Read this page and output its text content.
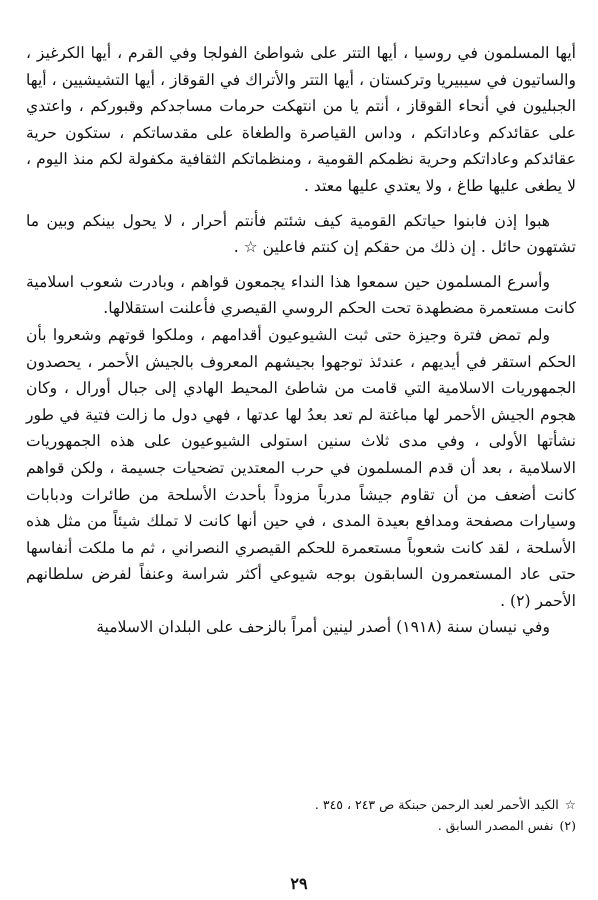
أيها المسلمون في روسيا ، أيها التتر على شواطئ الفولجا وفي القرم ، أيها الكرغيز ، والساتيون في سيبيريا وتركستان ، أيها التتر والأتراك في القوقاز ، أيها التشيشيين ، أيها الجبليون في أنحاء القوقاز ، أنتم يا من انتهكت حرمات مساجدكم وقبوركم ، واعتدي على عقائدكم وعاداتكم ، وداس القياصرة والطغاة على مقدساتكم ، ستكون حرية عقائدكم وعاداتكم وحرية نظمكم القومية ، ومنظماتكم الثقافية مكفولة لكم منذ اليوم ، لا يطغى عليها طاغ ، ولا يعتدي عليها معتد .

هبوا إذن فابنوا حياتكم القومية كيف شئتم فأنتم أحرار ، لا يحول بينكم وبين ما تشتهون حائل . إن ذلك من حقكم إن كنتم فاعلين ☆ .

وأسرع المسلمون حين سمعوا هذا النداء يجمعون قواهم ، وبادرت شعوب اسلامية كانت مستعمرة مضطهدة تحت الحكم الروسي القيصري فأعلنت استقلالها.

ولم تمض فترة وجيزة حتى ثبت الشيوعيون أقدامهم ، وملكوا قوتهم وشعروا بأن الحكم استقر في أيديهم ، عندئذ توجهوا بجيشهم المعروف بالجيش الأحمر ، يحصدون الجمهوريات الاسلامية التي قامت من شاطئ المحيط الهادي إلى جبال أورال ، وكان هجوم الجيش الأحمر لها مباغتة لم تعد بعدُ لها عدتها ، فهي دول ما زالت فتية في طور نشأتها الأولى ، وفي مدى ثلاث سنين استولى الشيوعيون على هذه الجمهوريات الاسلامية ، بعد أن قدم المسلمون في حرب المعتدين تضحيات جسيمة ، ولكن قواهم كانت أضعف من أن تقاوم جيشاً مدرباً مزوداً بأحدث الأسلحة من طائرات ودبابات وسيارات مصفحة ومدافع بعيدة المدى ، في حين أنها كانت لا تملك شيئاً من مثل هذه الأسلحة ، لقد كانت شعوباً مستعمرة للحكم القيصري النصراني ، ثم ما ملكت أنفاسها حتى عاد المستعمرون السابقون بوجه شيوعي أكثر شراسة وعنفاً لفرض سلطانهم الأحمر (٢) .

وفي نيسان سنة (١٩١٨) أصدر لينين أمراً بالزحف على البلدان الاسلامية

☆الكيد الأحمر لعبد الرحمن حبنكة ص ٢٤٣ ، ٣٤٥ .

(٢)نفس المصدر السابق .

٢٩
